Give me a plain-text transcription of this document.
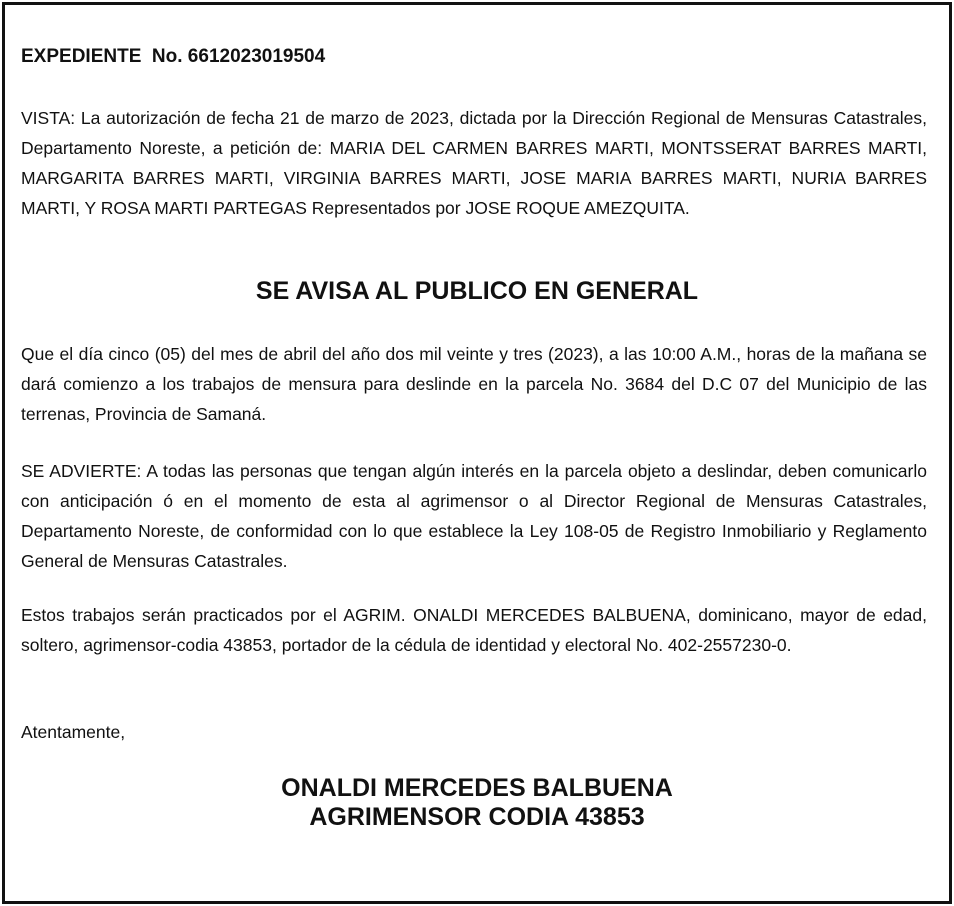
EXPEDIENTE  No. 6612023019504

VISTA: La autorización de fecha 21 de marzo de 2023, dictada por la Dirección Regional de Mensuras Catastrales, Departamento Noreste, a petición de: MARIA DEL CARMEN BARRES MARTI, MONTSSERAT BARRES MARTI, MARGARITA BARRES MARTI, VIRGINIA BARRES MARTI, JOSE MARIA BARRES MARTI, NURIA BARRES MARTI, Y ROSA MARTI PARTEGAS Representados por JOSE ROQUE AMEZQUITA.

SE AVISA AL PUBLICO EN GENERAL

Que el día cinco (05) del mes de abril del año dos mil veinte y tres (2023), a las 10:00 A.M., horas de la mañana se dará comienzo a los trabajos de mensura para deslinde en la parcela No. 3684 del D.C 07 del Municipio de las terrenas, Provincia de Samaná.

SE ADVIERTE: A todas las personas que tengan algún interés en la parcela objeto a deslindar, deben comunicarlo con anticipación ó en el momento de esta al agrimensor o al Director Regional de Mensuras Catastrales, Departamento Noreste, de conformidad con lo que establece la Ley 108-05 de Registro Inmobiliario y Reglamento General de Mensuras Catastrales.

Estos trabajos serán practicados por el AGRIM. ONALDI MERCEDES BALBUENA, dominicano, mayor de edad, soltero, agrimensor-codia 43853, portador de la cédula de identidad y electoral No. 402-2557230-0.

Atentamente,

ONALDI MERCEDES BALBUENA
AGRIMENSOR CODIA 43853
